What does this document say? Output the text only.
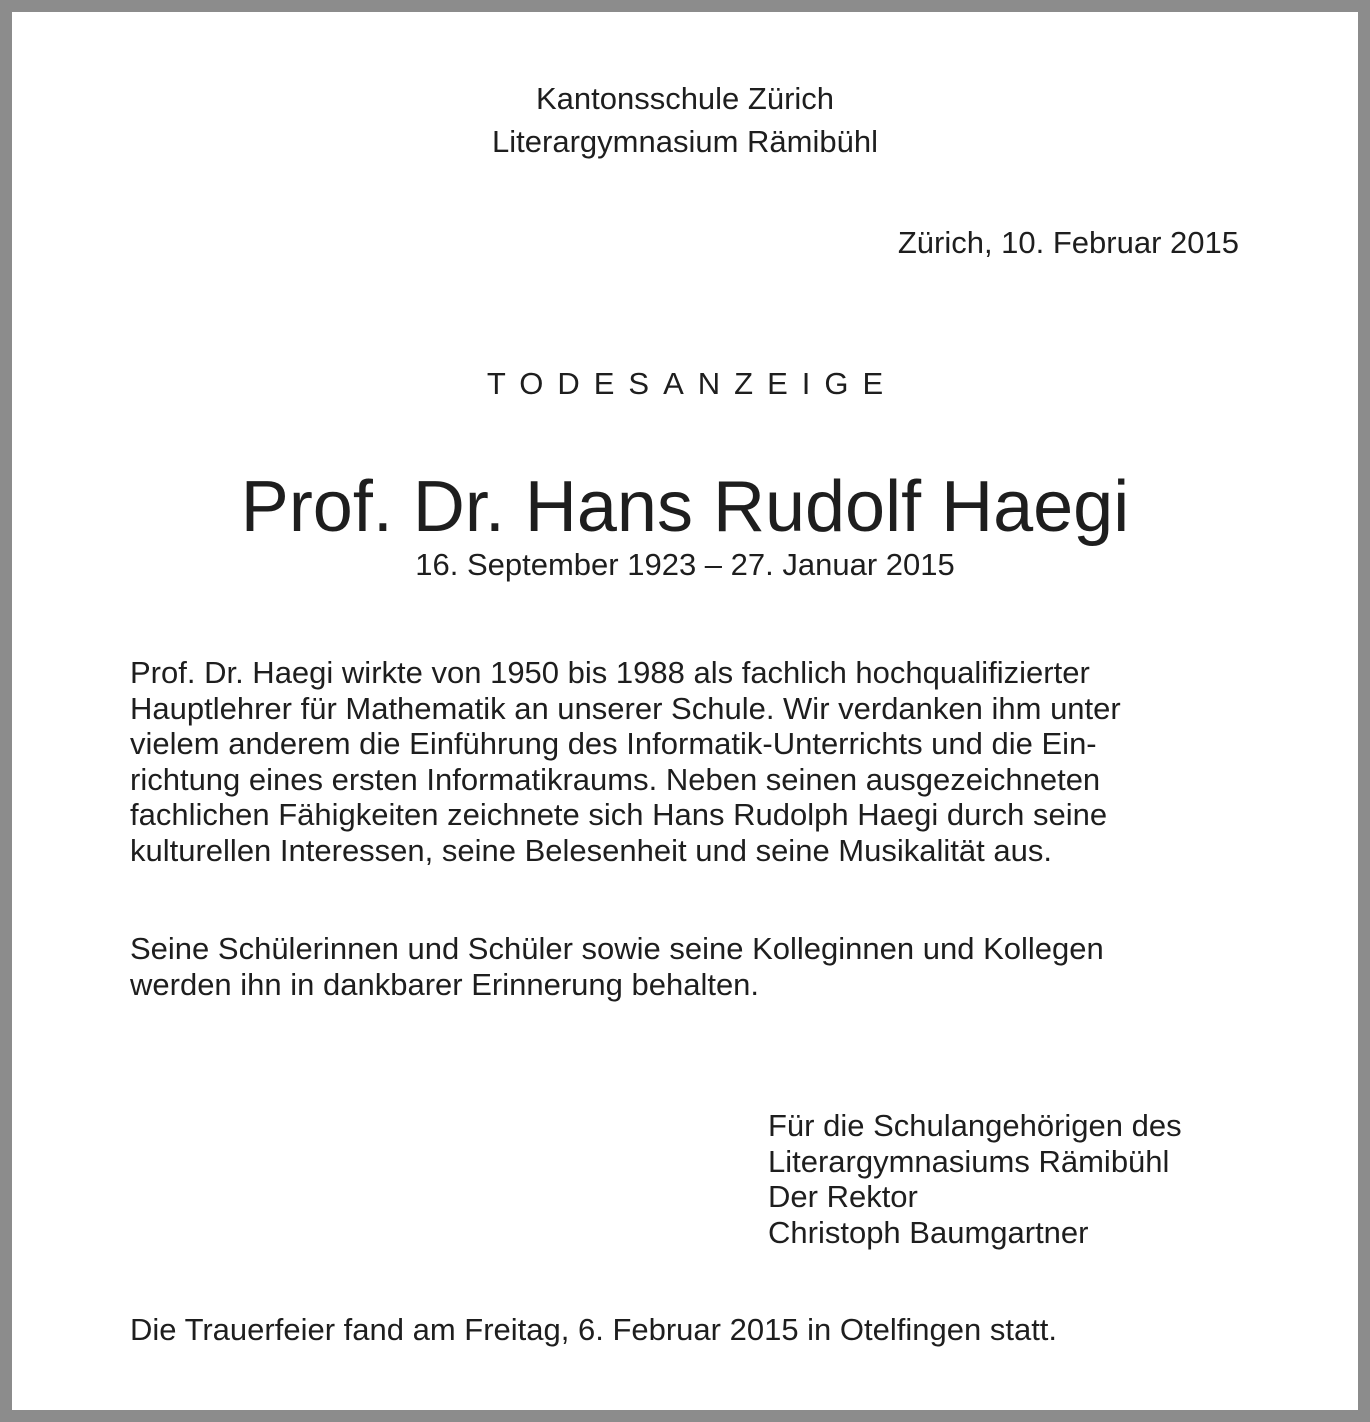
Kantonsschule Zürich

Literargymnasium Rämibühl

Zürich, 10. Februar 2015

TODESANZEIGE

Prof. Dr. Hans Rudolf Haegi

16. September 1923 – 27. Januar 2015

Prof. Dr. Haegi wirkte von 1950 bis 1988 als fachlich hochqualifizierter
Hauptlehrer für Mathematik an unserer Schule. Wir verdanken ihm unter
vielem anderem die Einführung des Informatik-Unterrichts und die Ein-
richtung eines ersten Informatikraums. Neben seinen ausgezeichneten
fachlichen Fähigkeiten zeichnete sich Hans Rudolph Haegi durch seine
kulturellen Interessen, seine Belesenheit und seine Musikalität aus.
Seine Schülerinnen und Schüler sowie seine Kolleginnen und Kollegen
werden ihn in dankbarer Erinnerung behalten.
Für die Schulangehörigen des
Literargymnasiums Rämibühl
Der Rektor
Christoph Baumgartner

Die Trauerfeier fand am Freitag, 6. Februar 2015 in Otelfingen statt.
